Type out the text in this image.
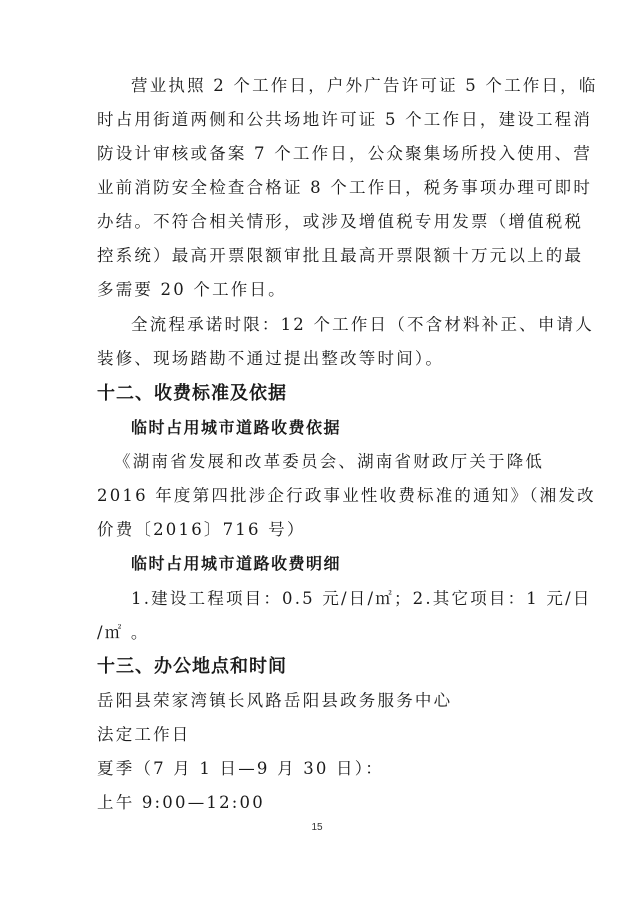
营业执照 2 个工作日，户外广告许可证 5 个工作日，临
时占用街道两侧和公共场地许可证 5 个工作日，建设工程消
防设计审核或备案 7 个工作日，公众聚集场所投入使用、营
业前消防安全检查合格证 8 个工作日，税务事项办理可即时
办结。不符合相关情形，或涉及增值税专用发票（增值税税
控系统）最高开票限额审批且最高开票限额十万元以上的最
多需要 20 个工作日。
全流程承诺时限：12 个工作日（不含材料补正、申请人
装修、现场踏勘不通过提出整改等时间）。
十二、收费标准及依据
临时占用城市道路收费依据
《湖南省发展和改革委员会、湖南省财政厅关于降低
2016 年度第四批涉企行政事业性收费标准的通知》（湘发改
价费〔2016〕716 号）
临时占用城市道路收费明细
1.建设工程项目：0.5 元/日/㎡；2.其它项目：1 元/日
/㎡ 。
十三、办公地点和时间
岳阳县荣家湾镇长风路岳阳县政务服务中心
法定工作日
夏季（7 月 1 日—9 月 30 日）：
上午 9:00—12:00
15
